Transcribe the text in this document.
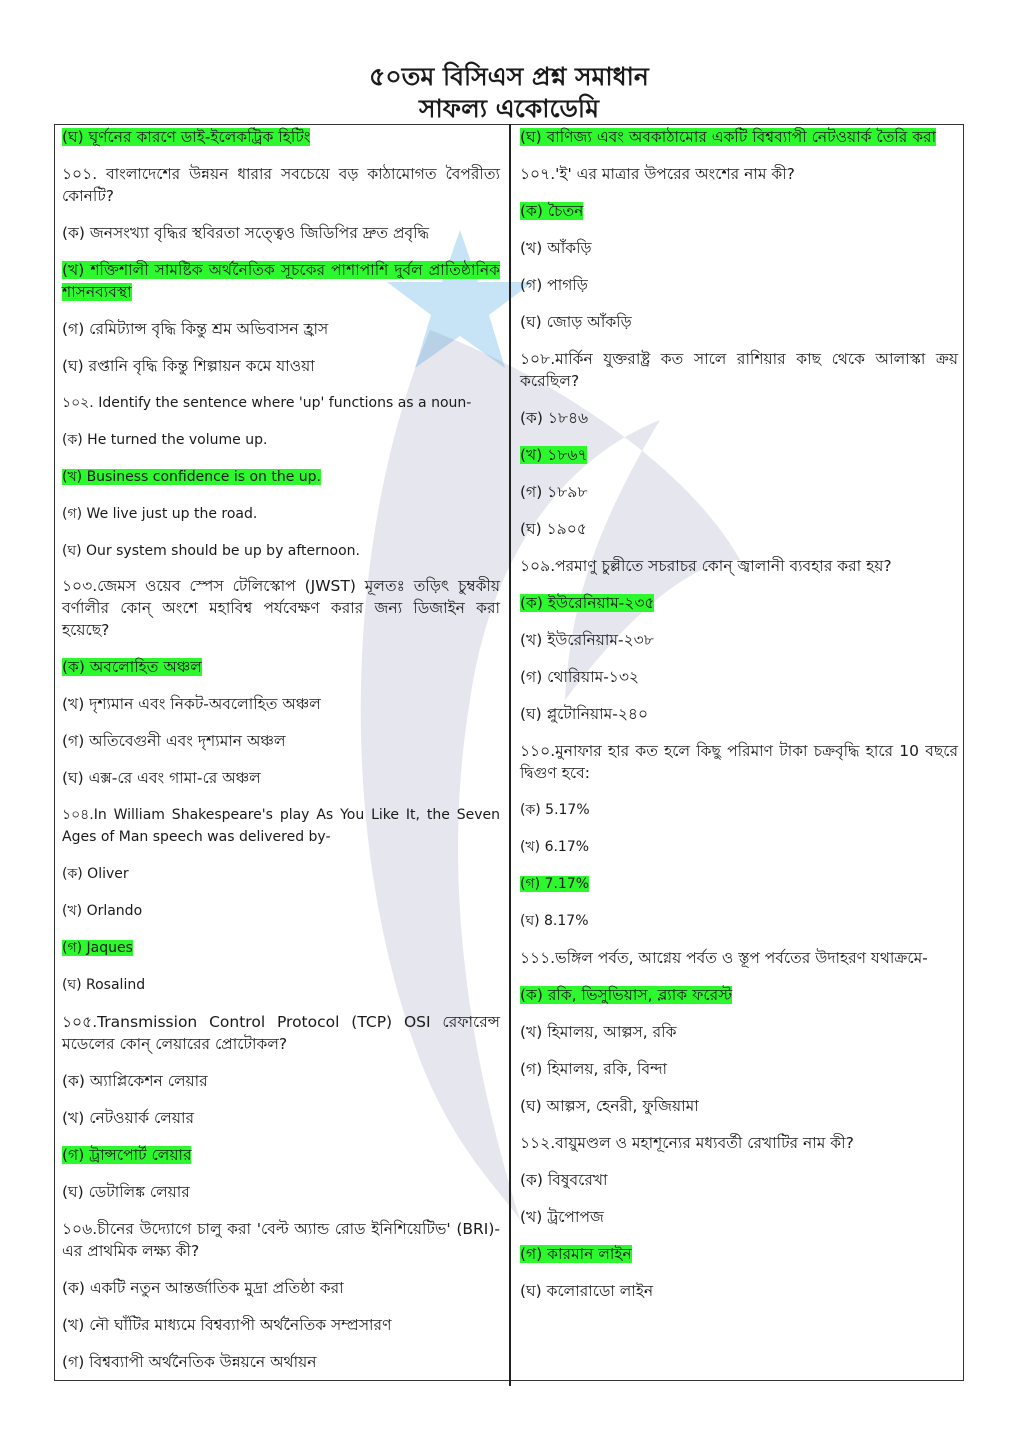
৫০তম বিসিএস প্রশ্ন সমাধান
সাফল্য একোডেমি

(ঘ) ঘূর্ণনের কারণে ডাই-ইলেকট্রিক হিটিং

১০১. বাংলাদেশের উন্নয়ন ধারার সবচেয়ে বড় কাঠামোগত বৈপরীত্য কোনটি?

(ক) জনসংখ্যা বৃদ্ধির স্থবিরতা সত্ত্বেও জিডিপির দ্রুত প্রবৃদ্ধি

(খ) শক্তিশালী সামষ্টিক অর্থনৈতিক সূচকের পাশাপাশি দুর্বল প্রাতিষ্ঠানিক শাসনব্যবস্থা

(গ) রেমিট্যান্স বৃদ্ধি কিন্তু শ্রম অভিবাসন হ্রাস

(ঘ) রপ্তানি বৃদ্ধি কিন্তু শিল্পায়ন কমে যাওয়া

১০২. Identify the sentence where 'up' functions as a noun-

(ক) He turned the volume up.

(খ) Business confidence is on the up.

(গ) We live just up the road.

(ঘ) Our system should be up by afternoon.

১০৩.জেমস ওয়েব স্পেস টেলিস্কোপ (JWST) মূলতঃ তড়িৎ চুম্বকীয় বর্ণালীর কোন্ অংশে মহাবিশ্ব পর্যবেক্ষণ করার জন্য ডিজাইন করা হয়েছে?

(ক) অবলোহিত অঞ্চল

(খ) দৃশ্যমান এবং নিকট-অবলোহিত অঞ্চল

(গ) অতিবেগুনী এবং দৃশ্যমান অঞ্চল

(ঘ) এক্স-রে এবং গামা-রে অঞ্চল

১০৪.In William Shakespeare's play As You Like It, the Seven Ages of Man speech was delivered by-

(ক) Oliver

(খ) Orlando

(গ) Jaques

(ঘ) Rosalind

১০৫.Transmission Control Protocol (TCP) OSI রেফারেন্স মডেলের কোন্ লেয়ারের প্রোটোকল?

(ক) অ্যাপ্লিকেশন লেয়ার

(খ) নেটওয়ার্ক লেয়ার

(গ) ট্রান্সপোর্ট লেয়ার

(ঘ) ডেটালিঙ্ক লেয়ার

১০৬.চীনের উদ্যোগে চালু করা 'বেল্ট অ্যান্ড রোড ইনিশিয়েটিভ' (BRI)-এর প্রাথমিক লক্ষ্য কী?

(ক) একটি নতুন আন্তর্জাতিক মুদ্রা প্রতিষ্ঠা করা

(খ) নৌ ঘাঁটির মাধ্যমে বিশ্বব্যাপী অর্থনৈতিক সম্প্রসারণ

(গ) বিশ্বব্যাপী অর্থনৈতিক উন্নয়নে অর্থায়ন

(ঘ) বাণিজ্য এবং অবকাঠামোর একটি বিশ্বব্যাপী নেটওয়ার্ক তৈরি করা

১০৭.'ই' এর মাত্রার উপরের অংশের নাম কী?

(ক) চৈতন

(খ) আঁকড়ি

(গ) পাগড়ি

(ঘ) জোড় আঁকড়ি

১০৮.মার্কিন যুক্তরাষ্ট্র কত সালে রাশিয়ার কাছ থেকে আলাস্কা ক্রয় করেছিল?

(ক) ১৮৪৬

(খ) ১৮৬৭

(গ) ১৮৯৮

(ঘ) ১৯০৫

১০৯.পরমাণু চুল্লীতে সচরাচর কোন্ জ্বালানী ব্যবহার করা হয়?

(ক) ইউরেনিয়াম-২৩৫

(খ) ইউরেনিয়াম-২৩৮

(গ) থোরিয়াম-১৩২

(ঘ) প্লুটোনিয়াম-২৪০

১১০.মুনাফার হার কত হলে কিছু পরিমাণ টাকা চক্রবৃদ্ধি হারে 10 বছরে দ্বিগুণ হবে:

(ক) 5.17%

(খ) 6.17%

(গ) 7.17%

(ঘ) 8.17%

১১১.ভঙ্গিল পর্বত, আগ্নেয় পর্বত ও স্তূপ পর্বতের উদাহরণ যথাক্রমে-

(ক) রকি, ভিসুভিয়াস, ব্ল্যাক ফরেস্ট

(খ) হিমালয়, আল্পস, রকি

(গ) হিমালয়, রকি, বিন্দা

(ঘ) আল্পস, হেনরী, ফুজিয়ামা

১১২.বায়ুমণ্ডল ও মহাশূন্যের মধ্যবর্তী রেখাটির নাম কী?

(ক) বিষুবরেখা

(খ) ট্রপোপজ

(গ) কারমান লাইন

(ঘ) কলোরাডো লাইন
